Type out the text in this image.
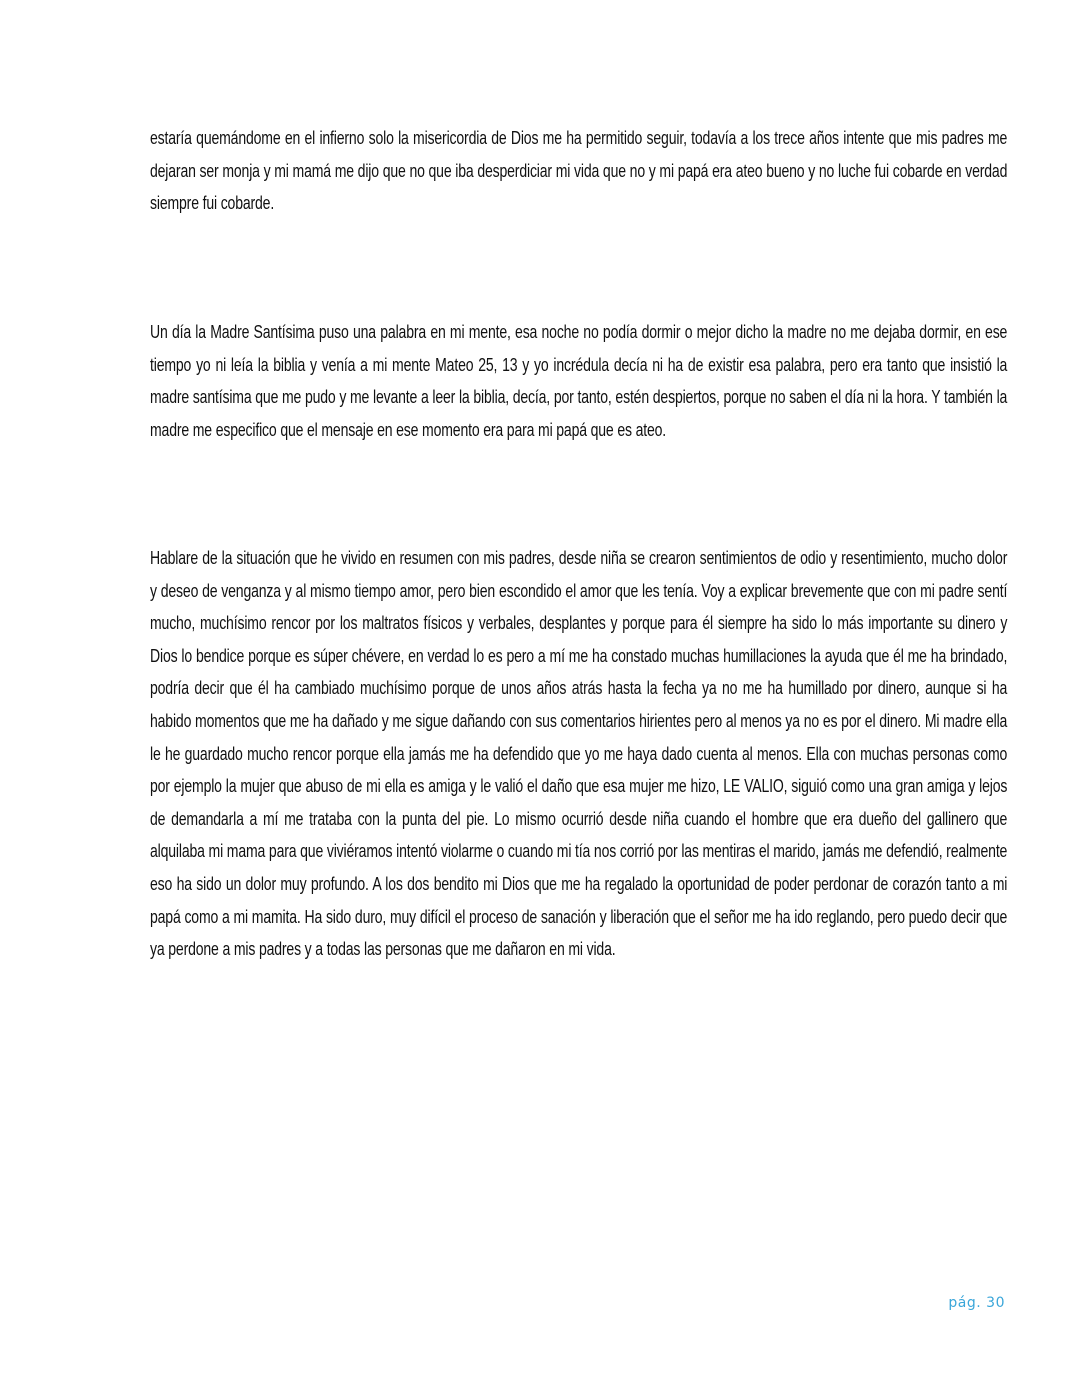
estaría quemándome en el infierno solo la misericordia de Dios me ha permitido seguir, todavía a los trece años intente que mis padres me dejaran ser monja y mi mamá me dijo que no que iba desperdiciar mi vida que no y mi papá era ateo bueno y no luche fui cobarde en verdad siempre fui cobarde.

Un día la Madre Santísima puso una palabra en mi mente, esa noche no podía dormir o mejor dicho la madre no me dejaba dormir, en ese tiempo yo ni leía la biblia y venía a mi mente Mateo 25, 13 y yo incrédula decía ni ha de existir esa palabra, pero era tanto que insistió la madre santísima que me pudo y me levante a leer la biblia, decía, por tanto, estén despiertos, porque no saben el día ni la hora. Y también la madre me especifico que el mensaje en ese momento era para mi papá que es ateo.

Hablare de la situación que he vivido en resumen con mis padres, desde niña se crearon sentimientos de odio y resentimiento, mucho dolor y deseo de venganza y al mismo tiempo amor, pero bien escondido el amor que les tenía. Voy a explicar brevemente que con mi padre sentí mucho, muchísimo rencor por los maltratos físicos y verbales, desplantes y porque para él siempre ha sido lo más importante su dinero y Dios lo bendice porque es súper chévere, en verdad lo es pero a mí me ha constado muchas humillaciones la ayuda que él me ha brindado, podría decir que él ha cambiado muchísimo porque de unos años atrás hasta la fecha ya no me ha humillado por dinero, aunque si ha habido momentos que me ha dañado y me sigue dañando con sus comentarios hirientes pero al menos ya no es por el dinero. Mi madre ella le he guardado mucho rencor porque ella jamás me ha defendido que yo me haya dado cuenta al menos. Ella con muchas personas como por ejemplo la mujer que abuso de mi ella es amiga y le valió el daño que esa mujer me hizo, LE VALIO, siguió como una gran amiga y lejos de demandarla a mí me trataba con la punta del pie. Lo mismo ocurrió desde niña cuando el hombre que era dueño del gallinero que alquilaba mi mama para que viviéramos intentó violarme o cuando mi tía nos corrió por las mentiras el marido, jamás me defendió, realmente eso ha sido un dolor muy profundo. A los dos bendito mi Dios que me ha regalado la oportunidad de poder perdonar de corazón tanto a mi papá como a mi mamita. Ha sido duro, muy difícil el proceso de sanación y liberación que el señor me ha ido reglando, pero puedo decir que ya perdone a mis padres y a todas las personas que me dañaron en mi vida.

pág. 30
